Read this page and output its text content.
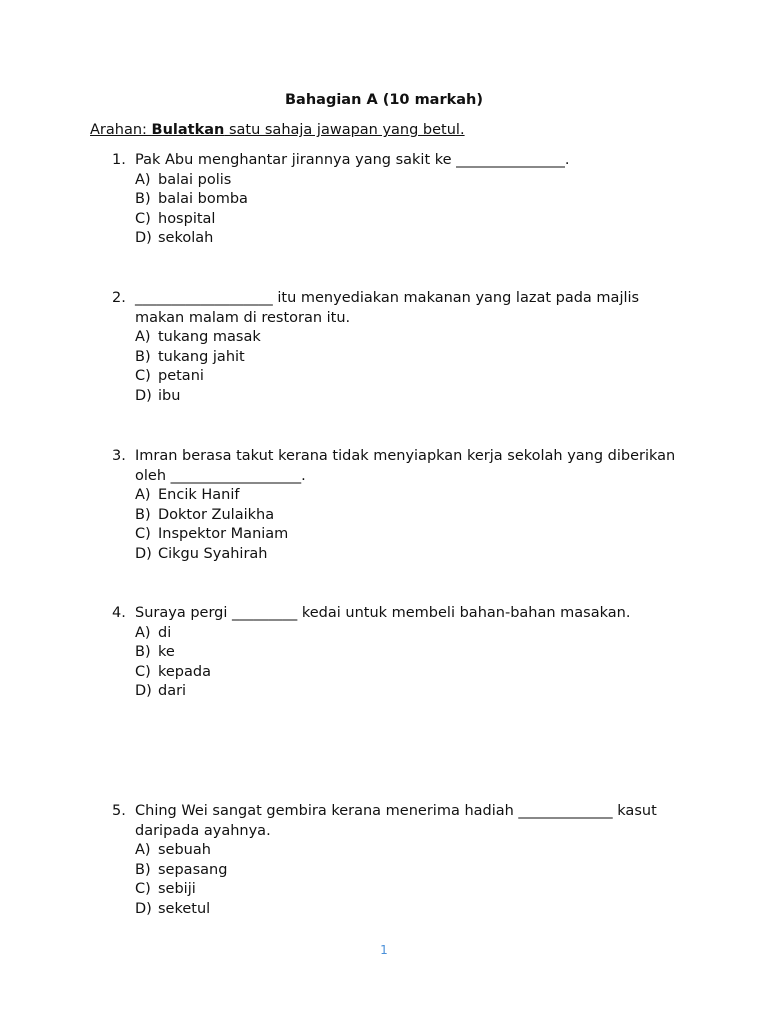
Bahagian A (10 markah)
Arahan: Bulatkan satu sahaja jawapan yang betul.
1. Pak Abu menghantar jirannya yang sakit ke _______________.
A) balai polis
B) balai bomba
C) hospital
D) sekolah
2. ___________________ itu menyediakan makanan yang lazat pada majlis makan malam di restoran itu.
A) tukang masak
B) tukang jahit
C) petani
D) ibu
3. Imran berasa takut kerana tidak menyiapkan kerja sekolah yang diberikan oleh __________________.
A) Encik Hanif
B) Doktor Zulaikha
C) Inspektor Maniam
D) Cikgu Syahirah
4. Suraya pergi _________ kedai untuk membeli bahan-bahan masakan.
A) di
B) ke
C) kepada
D) dari
5. Ching Wei sangat gembira kerana menerima hadiah _____________ kasut daripada ayahnya.
A) sebuah
B) sepasang
C) sebiji
D) seketul
1
